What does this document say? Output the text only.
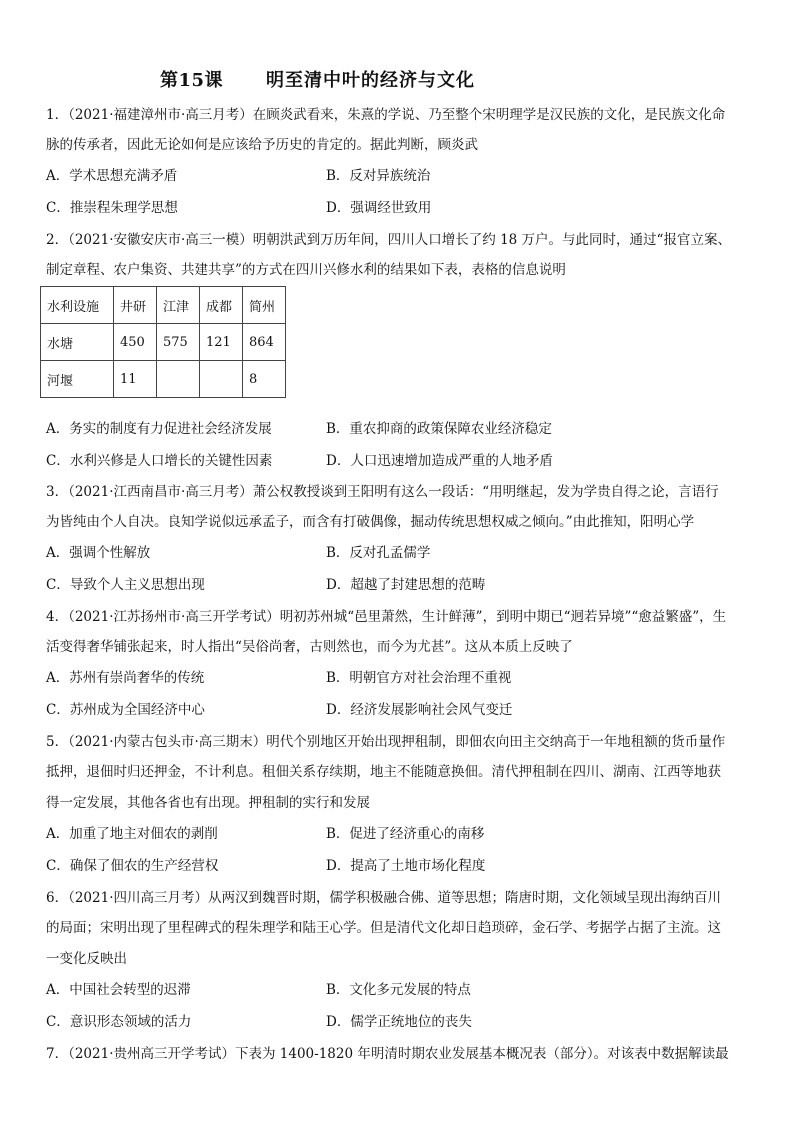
第15课 明至清中叶的经济与文化
1．（2021·福建漳州市·高三月考）在顾炎武看来，朱熹的学说、乃至整个宋明理学是汉民族的文化，是民族文化命
脉的传承者，因此无论如何是应该给予历史的肯定的。据此判断，顾炎武
A．学术思想充满矛盾	B．反对异族统治
C．推崇程朱理学思想	D．强调经世致用
2．（2021·安徽安庆市·高三一模）明朝洪武到万历年间，四川人口增长了约 18 万户。与此同时，通过“报官立案、
制定章程、农户集资、共建共享”的方式在四川兴修水利的结果如下表，表格的信息说明
水利设施	井研	江津	成都	简州
水塘	450	575	121	864
河堰	11			8
A．务实的制度有力促进社会经济发展	B．重农抑商的政策保障农业经济稳定
C．水利兴修是人口增长的关键性因素	D．人口迅速增加造成严重的人地矛盾
3．（2021·江西南昌市·高三月考）萧公权教授谈到王阳明有这么一段话：“用明继起，发为学贵自得之论，言语行
为皆纯由个人自决。良知学说似远承孟子，而含有打破偶像，掘动传统思想权威之倾向。”由此推知，阳明心学
A．强调个性解放	B．反对孔孟儒学
C．导致个人主义思想出现	D．超越了封建思想的范畴
4．（2021·江苏扬州市·高三开学考试）明初苏州城“邑里萧然，生计鲜薄”，到明中期已“迥若异境”“愈益繁盛”，生
活变得奢华铺张起来，时人指出“吴俗尚奢，古则然也，而今为尤甚”。这从本质上反映了
A．苏州有崇尚奢华的传统	B．明朝官方对社会治理不重视
C．苏州成为全国经济中心	D．经济发展影响社会风气变迁
5．（2021·内蒙古包头市·高三期末）明代个别地区开始出现押租制，即佃农向田主交纳高于一年地租额的货币量作
抵押，退佃时归还押金，不计利息。租佃关系存续期，地主不能随意换佃。清代押租制在四川、湖南、江西等地获
得一定发展，其他各省也有出现。押租制的实行和发展
A．加重了地主对佃农的剥削	B．促进了经济重心的南移
C．确保了佃农的生产经营权	D．提高了土地市场化程度
6．（2021·四川高三月考）从两汉到魏晋时期，儒学积极融合佛、道等思想；隋唐时期，文化领域呈现出海纳百川
的局面；宋明出现了里程碑式的程朱理学和陆王心学。但是清代文化却日趋琐碎，金石学、考据学占据了主流。这
一变化反映出
A．中国社会转型的迟滞	B．文化多元发展的特点
C．意识形态领域的活力	D．儒学正统地位的丧失
7．（2021·贵州高三开学考试）下表为 1400-1820 年明清时期农业发展基本概况表（部分）。对该表中数据解读最
